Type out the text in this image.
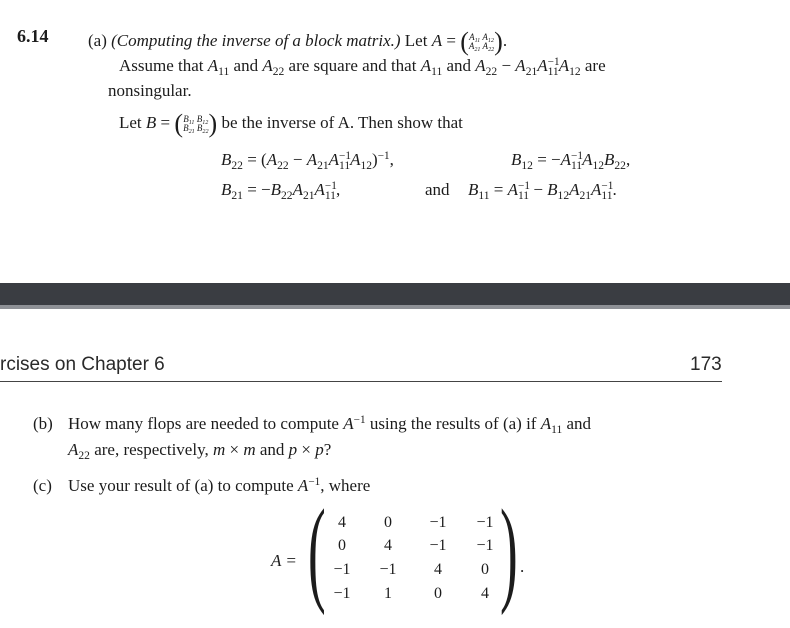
6.14 (a) (Computing the inverse of a block matrix.) Let $A = (A_{11}$ $A_{12}$
$A_{21}$ $A_{22}$).
Assume that $A_{11}$ and $A_{22}$ are square and that $A_{11}$ and $A_{22} - A_{21}A^{-1}_{11}A_{12}$ are
nonsingular.
Let $B = (B_{11}$ $B_{12}$
$B_{21}$ $B_{22}$) be the inverse of A. Then show that
$B_{22} = (A_{22} - A_{21}A^{-1}_{11}A_{12})^{-1}$,	$B_{12} = -A^{-1}_{11}A_{12}B_{22}$,
$B_{21} = -B_{22}A_{21}A^{-1}_{11}$,	and $B_{11} = A^{-1}_{11} - B_{12}A_{21}A^{-1}_{11}$.
rcises on Chapter 6	173
(b) How many flops are needed to compute $A^{-1}$ using the results of (a) if $A_{11}$ and
$A_{22}$ are, respectively, m × m and p × p?
(c) Use your result of (a) to compute $A^{-1}$, where
A = ( ) .
4	0	−1	−1
0	4	−1	−1
−1	−1	4	0
−1	1	0	4
